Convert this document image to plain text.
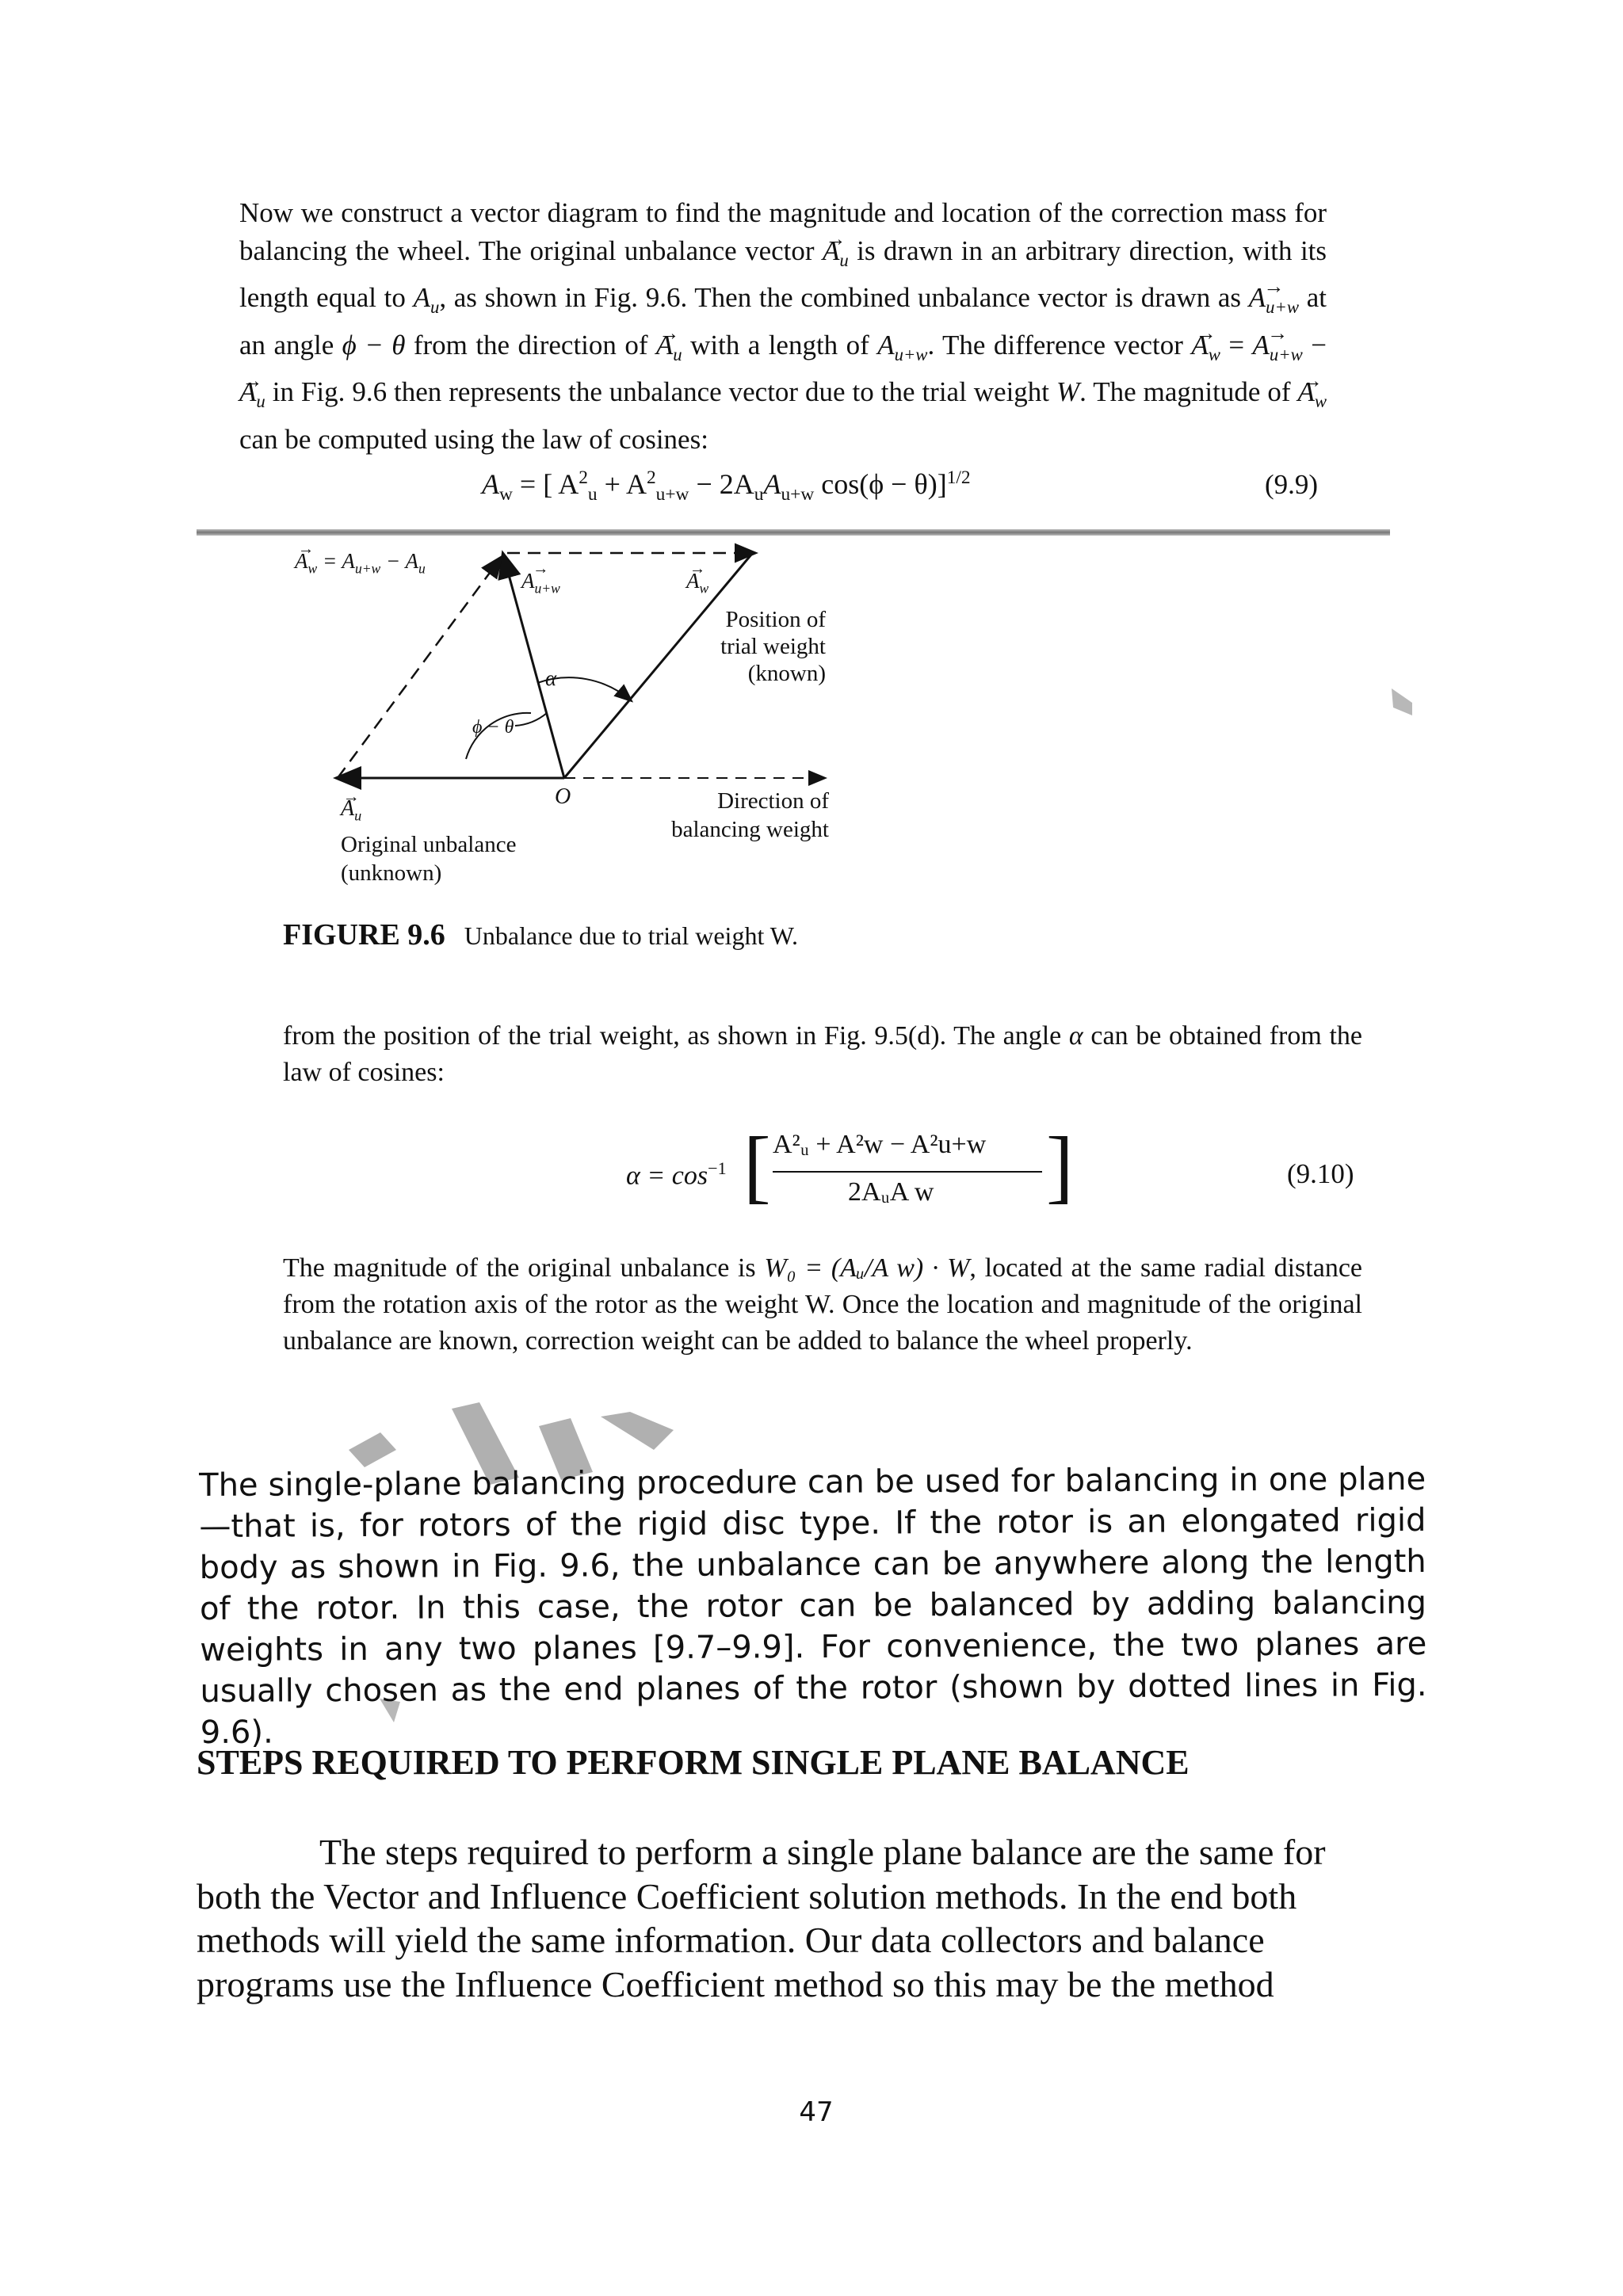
Now we construct a vector diagram to find the magnitude and location of the correction mass for balancing the wheel. The original unbalance vector → $A_u$ is drawn in an arbitrary direction, with its length equal to $A_u$, as shown in Fig. 9.6. Then the combined unbalance vector is drawn as → $A_{u+w}$ at an angle ϕ − θ from the direction of → $A_u$ with a length of $A_{u+w}$. The difference vector → $A_w$ = → $A_{u+w}$ − → $A_u$ in Fig. 9.6 then represents the unbalance vector due to the trial weight W. The magnitude of → $A_w$ can be computed using the law of cosines:
$A_w$ = [ $A^2_u + A^2_{u+w} - 2A_uA_{u+w}$ cos(ϕ − θ)]$^{1/2}$	(9.9)
→ $A_w = A_{u+w} - A_u$
→ $A_{u+w}$	→ $A_w$
Position of
trial weight
(known)
α
ϕ − θ
O
→ $A_u$
Original unbalance
(unknown)
Direction of
balancing weight
FIGURE 9.6 Unbalance due to trial weight W.
from the position of the trial weight, as shown in Fig. 9.5(d). The angle α can be obtained from the law of cosines:
$\alpha = \cos^{-1}$ [ A²ᵤ + A²w − A²u+w
2AᵤA w ]	(9.10)
The magnitude of the original unbalance is W₀ = (Aᵤ/A w) · W, located at the same radial distance from the rotation axis of the rotor as the weight W. Once the location and magnitude of the original unbalance are known, correction weight can be added to balance the wheel properly.
The single-plane balancing procedure can be used for balancing in one plane—that is, for rotors of the rigid disc type. If the rotor is an elongated rigid body as shown in Fig. 9.6, the unbalance can be anywhere along the length of the rotor. In this case, the rotor can be balanced by adding balancing weights in any two planes [9.7–9.9]. For convenience, the two planes are usually chosen as the end planes of the rotor (shown by dotted lines in Fig. 9.6).
STEPS REQUIRED TO PERFORM SINGLE PLANE BALANCE
The steps required to perform a single plane balance are the same for both the Vector and Influence Coefficient solution methods. In the end both methods will yield the same information. Our data collectors and balance programs use the Influence Coefficient method so this may be the method
47
